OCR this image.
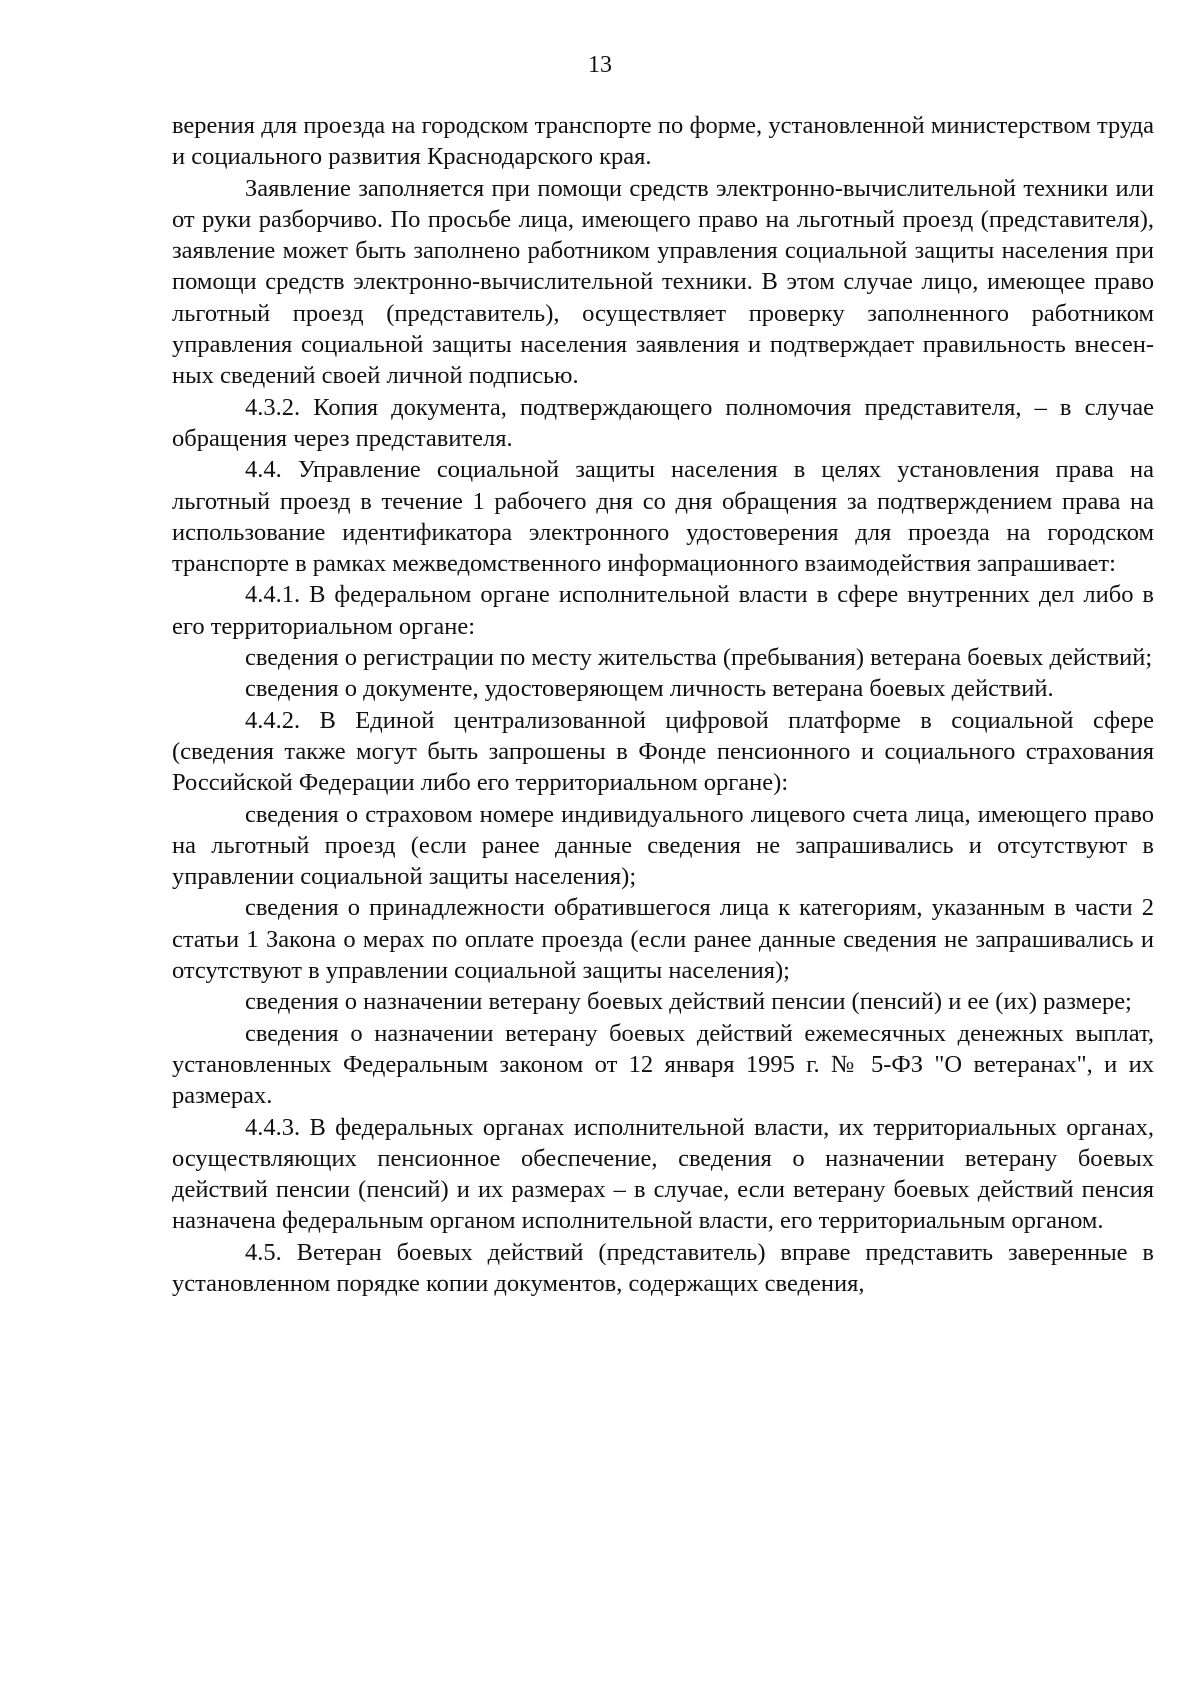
13

верения для проезда на городском транспорте по форме, установленной министерством труда и социального развития Краснодарского края.

Заявление заполняется при помощи средств электронно-вычислительной техники или от руки разборчиво. По просьбе лица, имеющего право на льготный проезд (представителя), заявление может быть заполнено работником управления социальной защиты населения при помощи средств электронно-вычислительной техники. В этом случае лицо, имеющее право льготный проезд (представитель), осуществляет проверку заполненного работником управления социальной защиты населения заявления и подтверждает правильность внесенных сведений своей личной подписью.

4.3.2. Копия документа, подтверждающего полномочия представителя, – в случае обращения через представителя.

4.4. Управление социальной защиты населения в целях установления права на льготный проезд в течение 1 рабочего дня со дня обращения за подтверждением права на использование идентификатора электронного удостоверения для проезда на городском транспорте в рамках межведомственного информационного взаимодействия запрашивает:

4.4.1. В федеральном органе исполнительной власти в сфере внутренних дел либо в его территориальном органе:

сведения о регистрации по месту жительства (пребывания) ветерана боевых действий;

сведения о документе, удостоверяющем личность ветерана боевых действий.

4.4.2. В Единой централизованной цифровой платформе в социальной сфере (сведения также могут быть запрошены в Фонде пенсионного и социального страхования Российской Федерации либо его территориальном органе):

сведения о страховом номере индивидуального лицевого счета лица, имеющего право на льготный проезд (если ранее данные сведения не запрашивались и отсутствуют в управлении социальной защиты населения);

сведения о принадлежности обратившегося лица к категориям, указанным в части 2 статьи 1 Закона о мерах по оплате проезда (если ранее данные сведения не запрашивались и отсутствуют в управлении социальной защиты населения);

сведения о назначении ветерану боевых действий пенсии (пенсий) и ее (их) размере;

сведения о назначении ветерану боевых действий ежемесячных денежных выплат, установленных Федеральным законом от 12 января 1995 г. № 5-ФЗ "О ветеранах", и их размерах.

4.4.3. В федеральных органах исполнительной власти, их территориальных органах, осуществляющих пенсионное обеспечение, сведения о назначении ветерану боевых действий пенсии (пенсий) и их размерах – в случае, если ветерану боевых действий пенсия назначена федеральным органом исполнительной власти, его территориальным органом.

4.5. Ветеран боевых действий (представитель) вправе представить заверенные в установленном порядке копии документов, содержащих сведения,
